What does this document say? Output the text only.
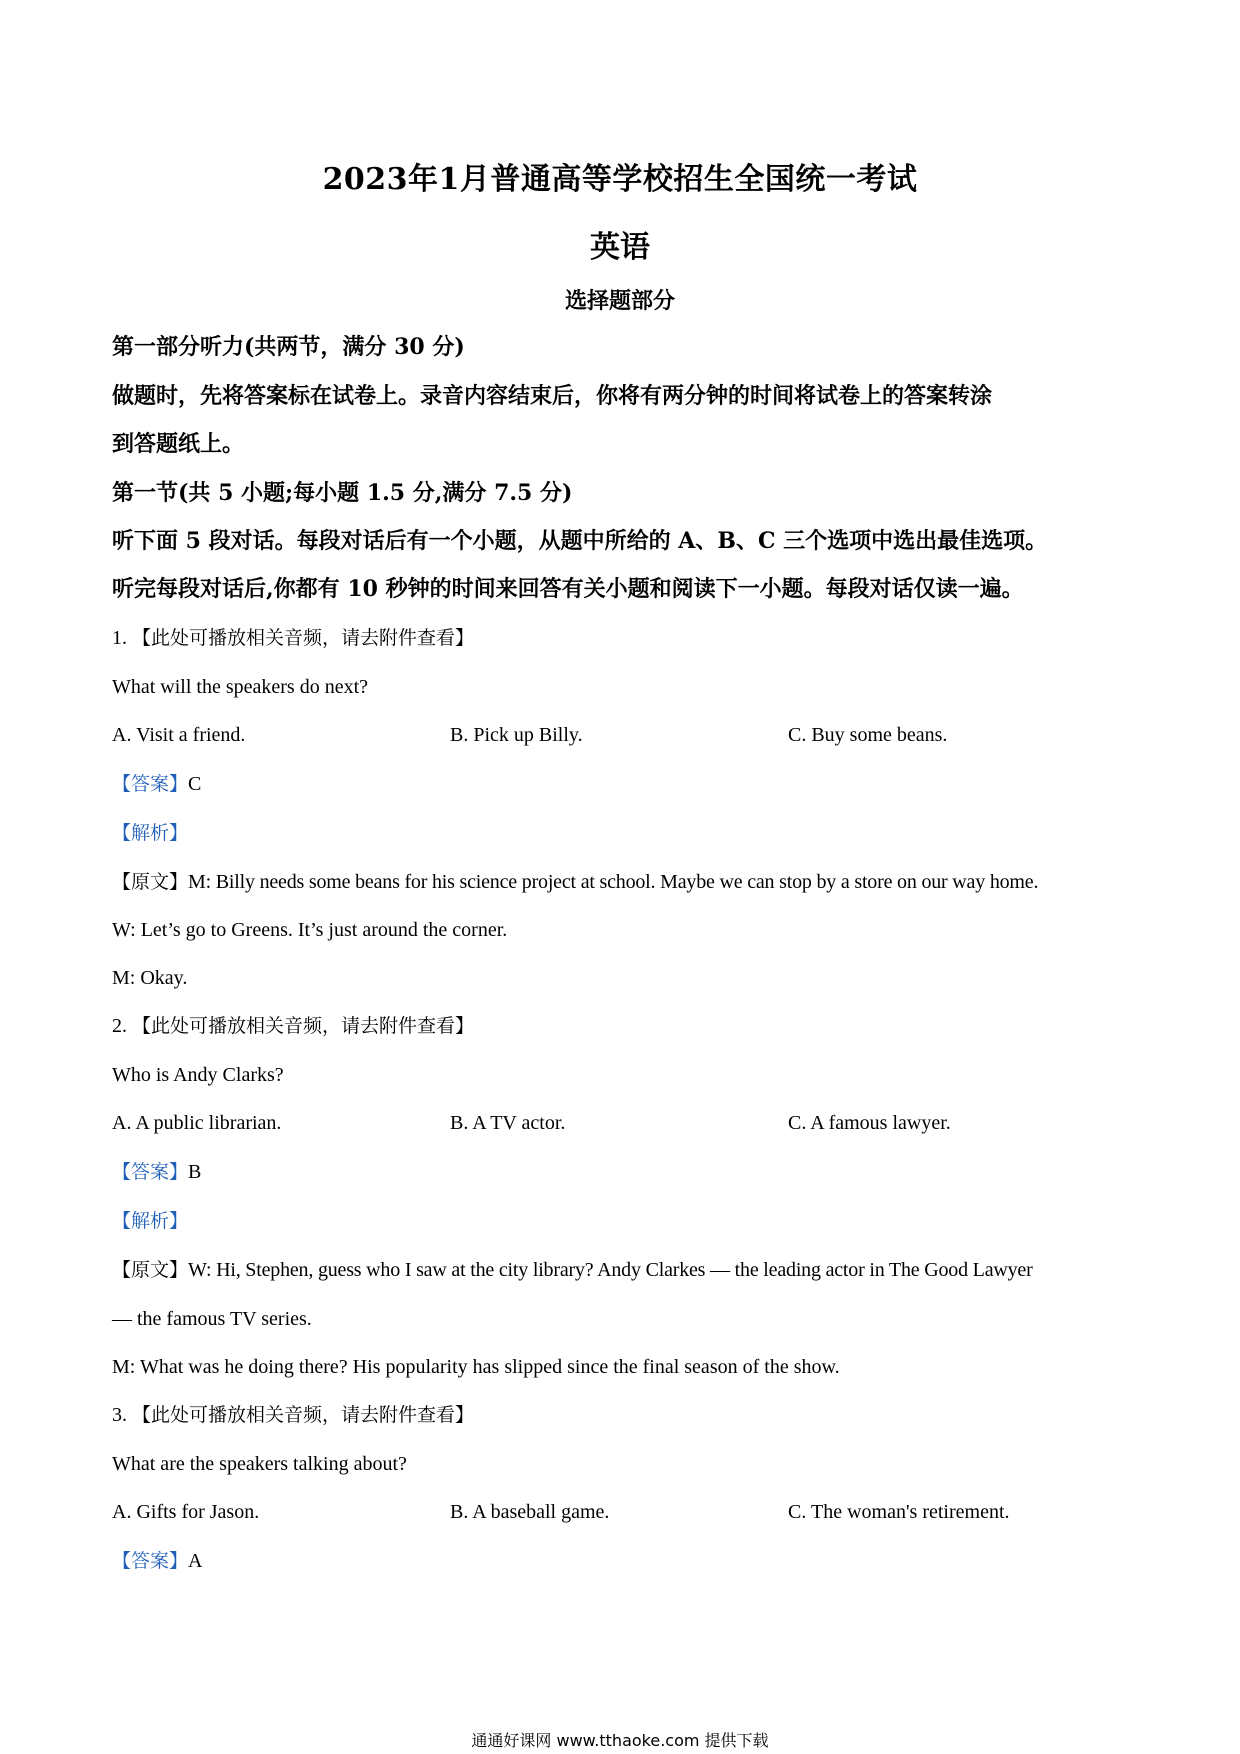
2023年1月普通高等学校招生全国统一考试
英语
选择题部分
第一部分听力(共两节，满分 30 分)
做题时，先将答案标在试卷上。录音内容结束后，你将有两分钟的时间将试卷上的答案转涂
到答题纸上。
第一节(共 5 小题;每小题 1.5 分,满分 7.5 分)
听下面 5 段对话。每段对话后有一个小题，从题中所给的 A、B、C 三个选项中选出最佳选项。
听完每段对话后,你都有 10 秒钟的时间来回答有关小题和阅读下一小题。每段对话仅读一遍。
1. 【此处可播放相关音频，请去附件查看】
What will the speakers do next?
A. Visit a friend.	B. Pick up Billy.	C. Buy some beans.
【答案】C
【解析】
【原文】M: Billy needs some beans for his science project at school. Maybe we can stop by a store on our way home.
W: Let’s go to Greens. It’s just around the corner.
M: Okay.
2. 【此处可播放相关音频，请去附件查看】
Who is Andy Clarks?
A. A public librarian.	B. A TV actor.	C. A famous lawyer.
【答案】B
【解析】
【原文】W: Hi, Stephen, guess who I saw at the city library? Andy Clarkes — the leading actor in The Good Lawyer
— the famous TV series.
M: What was he doing there? His popularity has slipped since the final season of the show.
3. 【此处可播放相关音频，请去附件查看】
What are the speakers talking about?
A. Gifts for Jason.	B. A baseball game.	C. The woman's retirement.
【答案】A
通通好课网 www.tthaoke.com 提供下载
